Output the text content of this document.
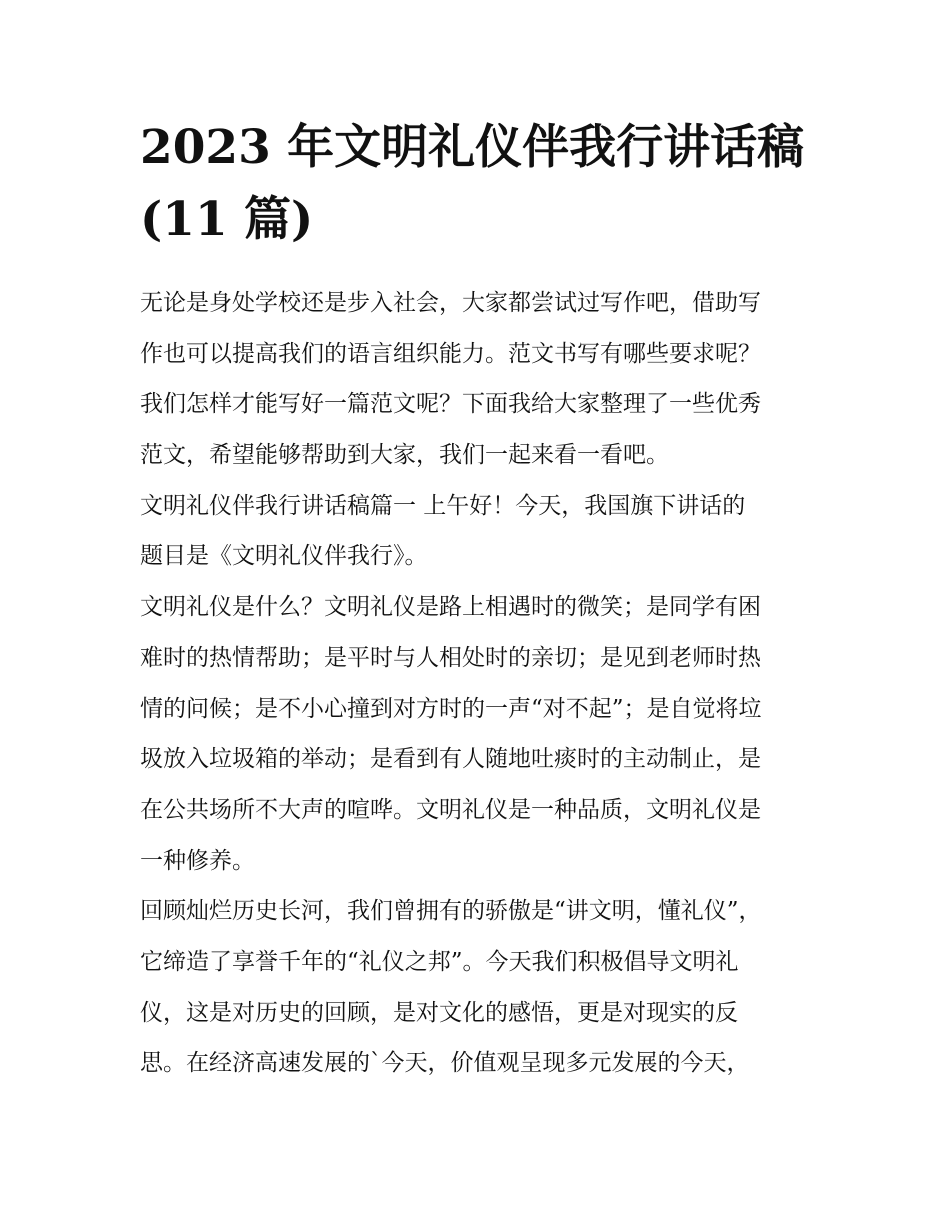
2023 年文明礼仪伴我行讲话稿
(11 篇)
无论是身处学校还是步入社会，大家都尝试过写作吧，借助写
作也可以提高我们的语言组织能力。范文书写有哪些要求呢？
我们怎样才能写好一篇范文呢？下面我给大家整理了一些优秀
范文，希望能够帮助到大家，我们一起来看一看吧。
文明礼仪伴我行讲话稿篇一 上午好！今天，我国旗下讲话的
题目是《文明礼仪伴我行》。
文明礼仪是什么？文明礼仪是路上相遇时的微笑；是同学有困
难时的热情帮助；是平时与人相处时的亲切；是见到老师时热
情的问候；是不小心撞到对方时的一声“对不起”；是自觉将垃
圾放入垃圾箱的举动；是看到有人随地吐痰时的主动制止，是
在公共场所不大声的喧哗。文明礼仪是一种品质，文明礼仪是
一种修养。
回顾灿烂历史长河，我们曾拥有的骄傲是“讲文明，懂礼仪”，
它缔造了享誉千年的“礼仪之邦”。今天我们积极倡导文明礼
仪，这是对历史的回顾，是对文化的感悟，更是对现实的反
思。在经济高速发展的`今天，价值观呈现多元发展的今天，
